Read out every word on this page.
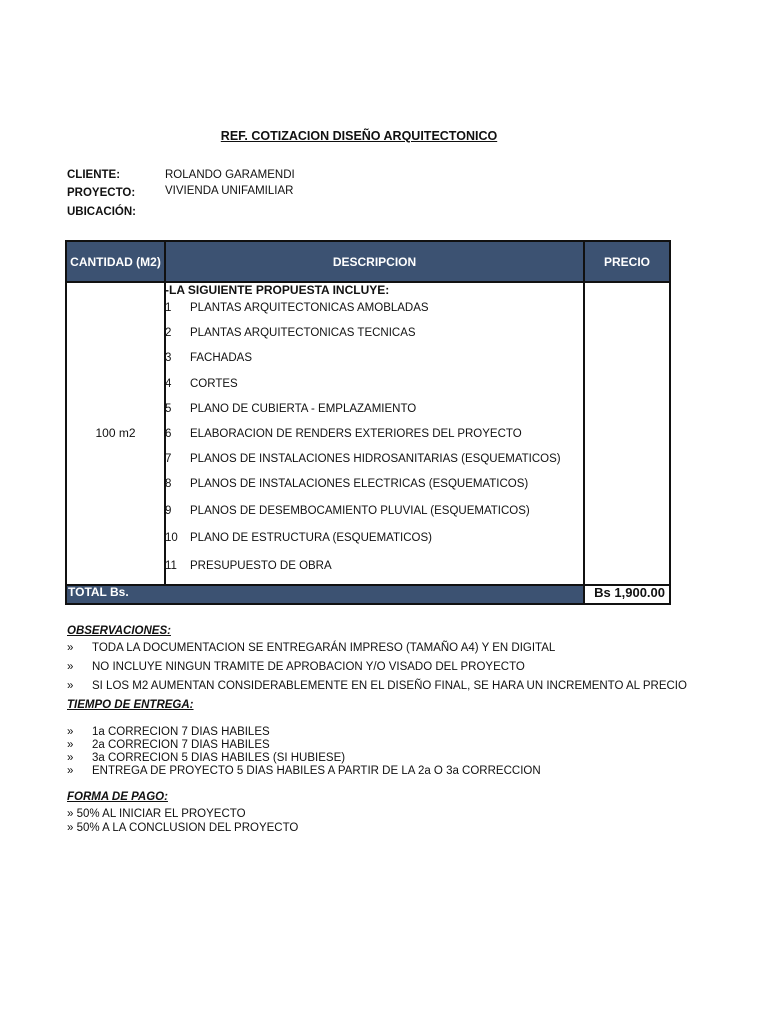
REF. COTIZACION DISEÑO ARQUITECTONICO
CLIENTE:	ROLANDO GARAMENDI
PROYECTO:	VIVIENDA UNIFAMILIAR
UBICACIÓN:
CANTIDAD (M2)	DESCRIPCION	PRECIO
100 m2
-LA SIGUIENTE PROPUESTA INCLUYE:
1 PLANTAS ARQUITECTONICAS AMOBLADAS
2 PLANTAS ARQUITECTONICAS TECNICAS
3 FACHADAS
4 CORTES
5 PLANO DE CUBIERTA - EMPLAZAMIENTO
6 ELABORACION DE RENDERS EXTERIORES DEL PROYECTO
7 PLANOS DE INSTALACIONES HIDROSANITARIAS (ESQUEMATICOS)
8 PLANOS DE INSTALACIONES ELECTRICAS (ESQUEMATICOS)
9 PLANOS DE DESEMBOCAMIENTO PLUVIAL (ESQUEMATICOS)
10 PLANO DE ESTRUCTURA (ESQUEMATICOS)
11 PRESUPUESTO DE OBRA
TOTAL Bs.	Bs 1,900.00
OBSERVACIONES:
» TODA LA DOCUMENTACION SE ENTREGARÁN IMPRESO (TAMAÑO A4) Y EN DIGITAL
» NO INCLUYE NINGUN TRAMITE DE APROBACION Y/O VISADO DEL PROYECTO
» SI LOS M2 AUMENTAN CONSIDERABLEMENTE EN EL DISEÑO FINAL, SE HARA UN INCREMENTO AL PRECIO
TIEMPO DE ENTREGA:
» 1a CORRECION 7 DIAS HABILES
» 2a CORRECION 7 DIAS HABILES
» 3a CORRECION 5 DIAS HABILES (SI HUBIESE)
» ENTREGA DE PROYECTO 5 DIAS HABILES A PARTIR DE LA 2a O 3a CORRECCION
FORMA DE PAGO:
» 50% AL INICIAR EL PROYECTO
» 50% A LA CONCLUSION DEL PROYECTO
